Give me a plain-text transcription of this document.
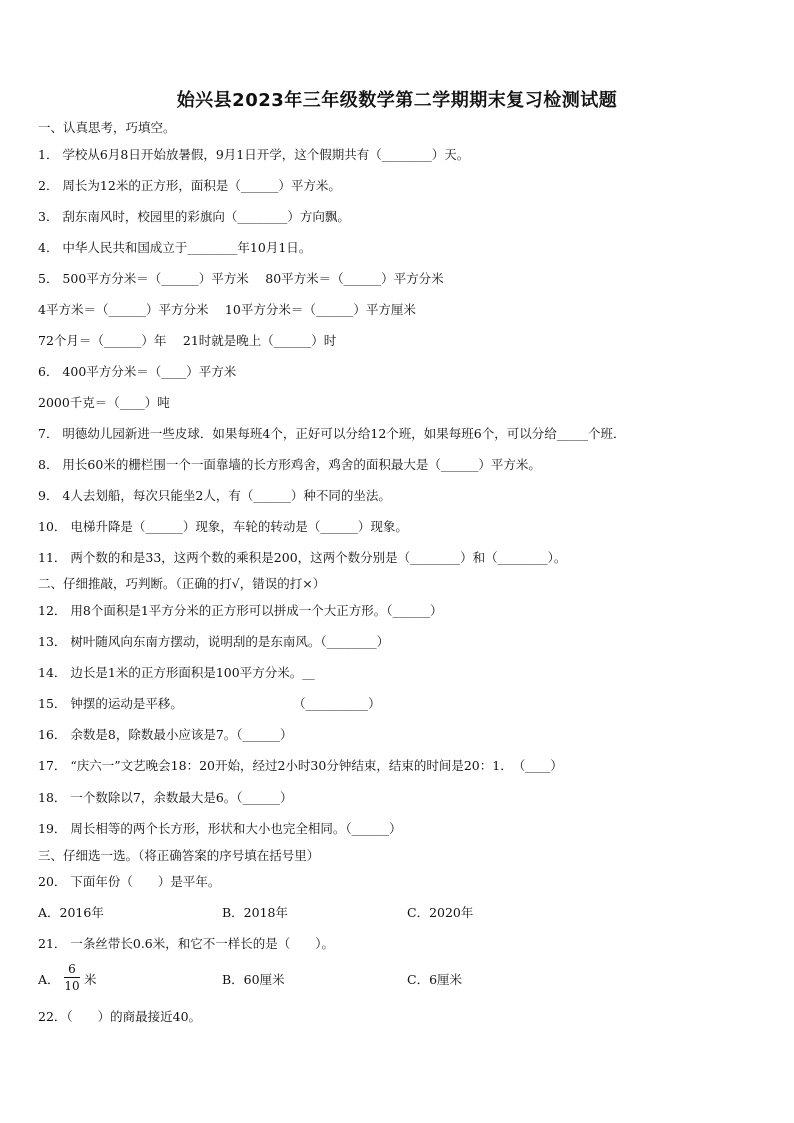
始兴县2023年三年级数学第二学期期末复习检测试题
一、认真思考，巧填空。
1． 学校从6月8日开始放暑假，9月1日开学，这个假期共有（________）天。
2． 周长为12米的正方形，面积是（______）平方米。
3． 刮东南风时，校园里的彩旗向（________）方向飘。
4． 中华人民共和国成立于________年10月1日。
5． 500平方分米＝（______）平方米　 80平方米＝（______）平方分米
4平方米＝（______）平方分米　 10平方分米＝（______）平方厘米
72个月＝（______）年　 21时就是晚上（______）时
6． 400平方分米＝（____）平方米
2000千克＝（____）吨
7． 明德幼儿园新进一些皮球．如果每班4个，正好可以分给12个班，如果每班6个，可以分给_____个班．
8． 用长60米的栅栏围一个一面靠墙的长方形鸡舍，鸡舍的面积最大是（______）平方米。
9． 4人去划船，每次只能坐2人，有（______）种不同的坐法。
10． 电梯升降是（______）现象，车轮的转动是（______）现象。
11． 两个数的和是33，这两个数的乘积是200，这两个数分别是（________）和（________）。
二、仔细推敲，巧判断。（正确的打√，错误的打×）
12． 用8个面积是1平方分米的正方形可以拼成一个大正方形。（______）
13． 树叶随风向东南方摆动，说明刮的是东南风。（________）
14． 边长是1米的正方形面积是100平方分米。__
15． 钟摆的运动是平移。　　　　　　　　　 （__________）
16． 余数是8，除数最小应该是7。（______）
17． “庆六一”文艺晚会18：20开始，经过2小时30分钟结束，结束的时间是20：1．　（____）
18． 一个数除以7，余数最大是6。（______）
19． 周长相等的两个长方形，形状和大小也完全相同。（______）
三、仔细选一选。（将正确答案的序号填在括号里）
20． 下面年份（　　）是平年。
A．2016年	B．2018年	C．2020年
21． 一条丝带长0.6米，和它不一样长的是（　　）。
A．
6
10 米	B．60厘米	C．6厘米
22．（　　）的商最接近40。
